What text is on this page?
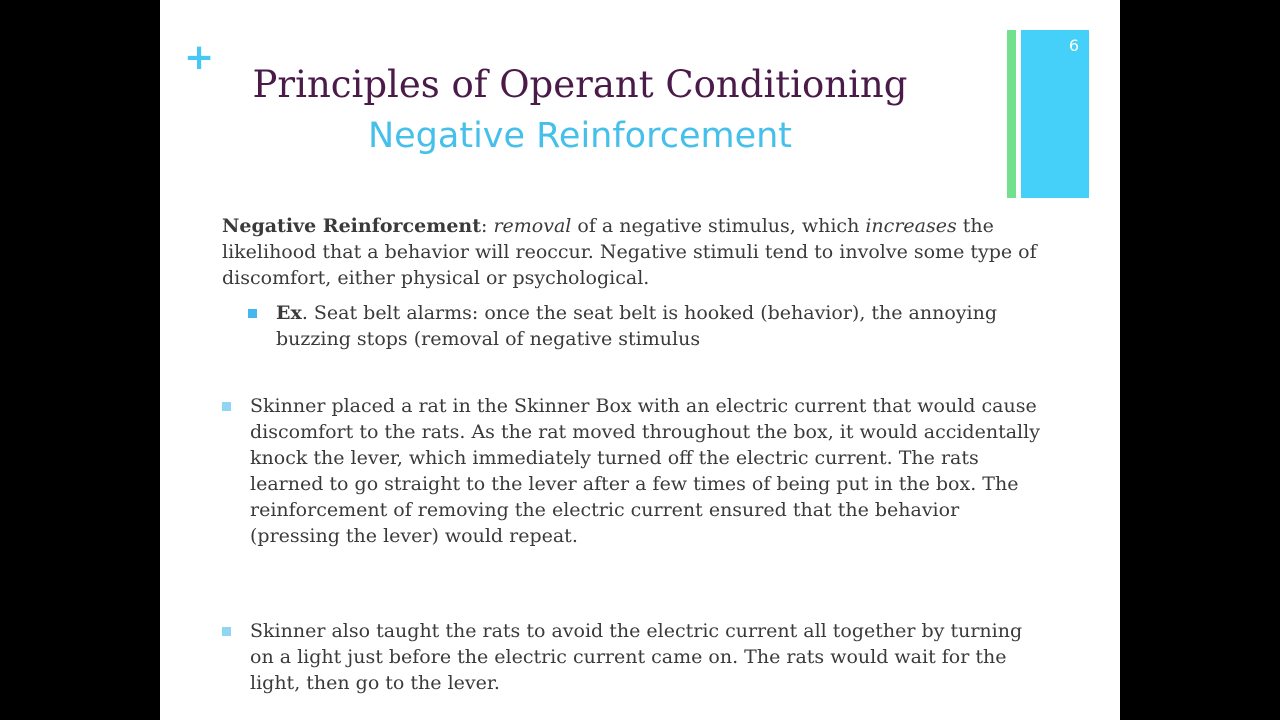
+	6
Principles of Operant Conditioning
Negative Reinforcement
Negative Reinforcement: removal of a negative stimulus, which increases the likelihood that a behavior will reoccur. Negative stimuli tend to involve some type of discomfort, either physical or psychological.
Ex. Seat belt alarms: once the seat belt is hooked (behavior), the annoying buzzing stops (removal of negative stimulus
Skinner placed a rat in the Skinner Box with an electric current that would cause discomfort to the rats. As the rat moved throughout the box, it would accidentally knock the lever, which immediately turned off the electric current. The rats learned to go straight to the lever after a few times of being put in the box. The reinforcement of removing the electric current ensured that the behavior (pressing the lever) would repeat.
Skinner also taught the rats to avoid the electric current all together by turning on a light just before the electric current came on. The rats would wait for the light, then go to the lever.
